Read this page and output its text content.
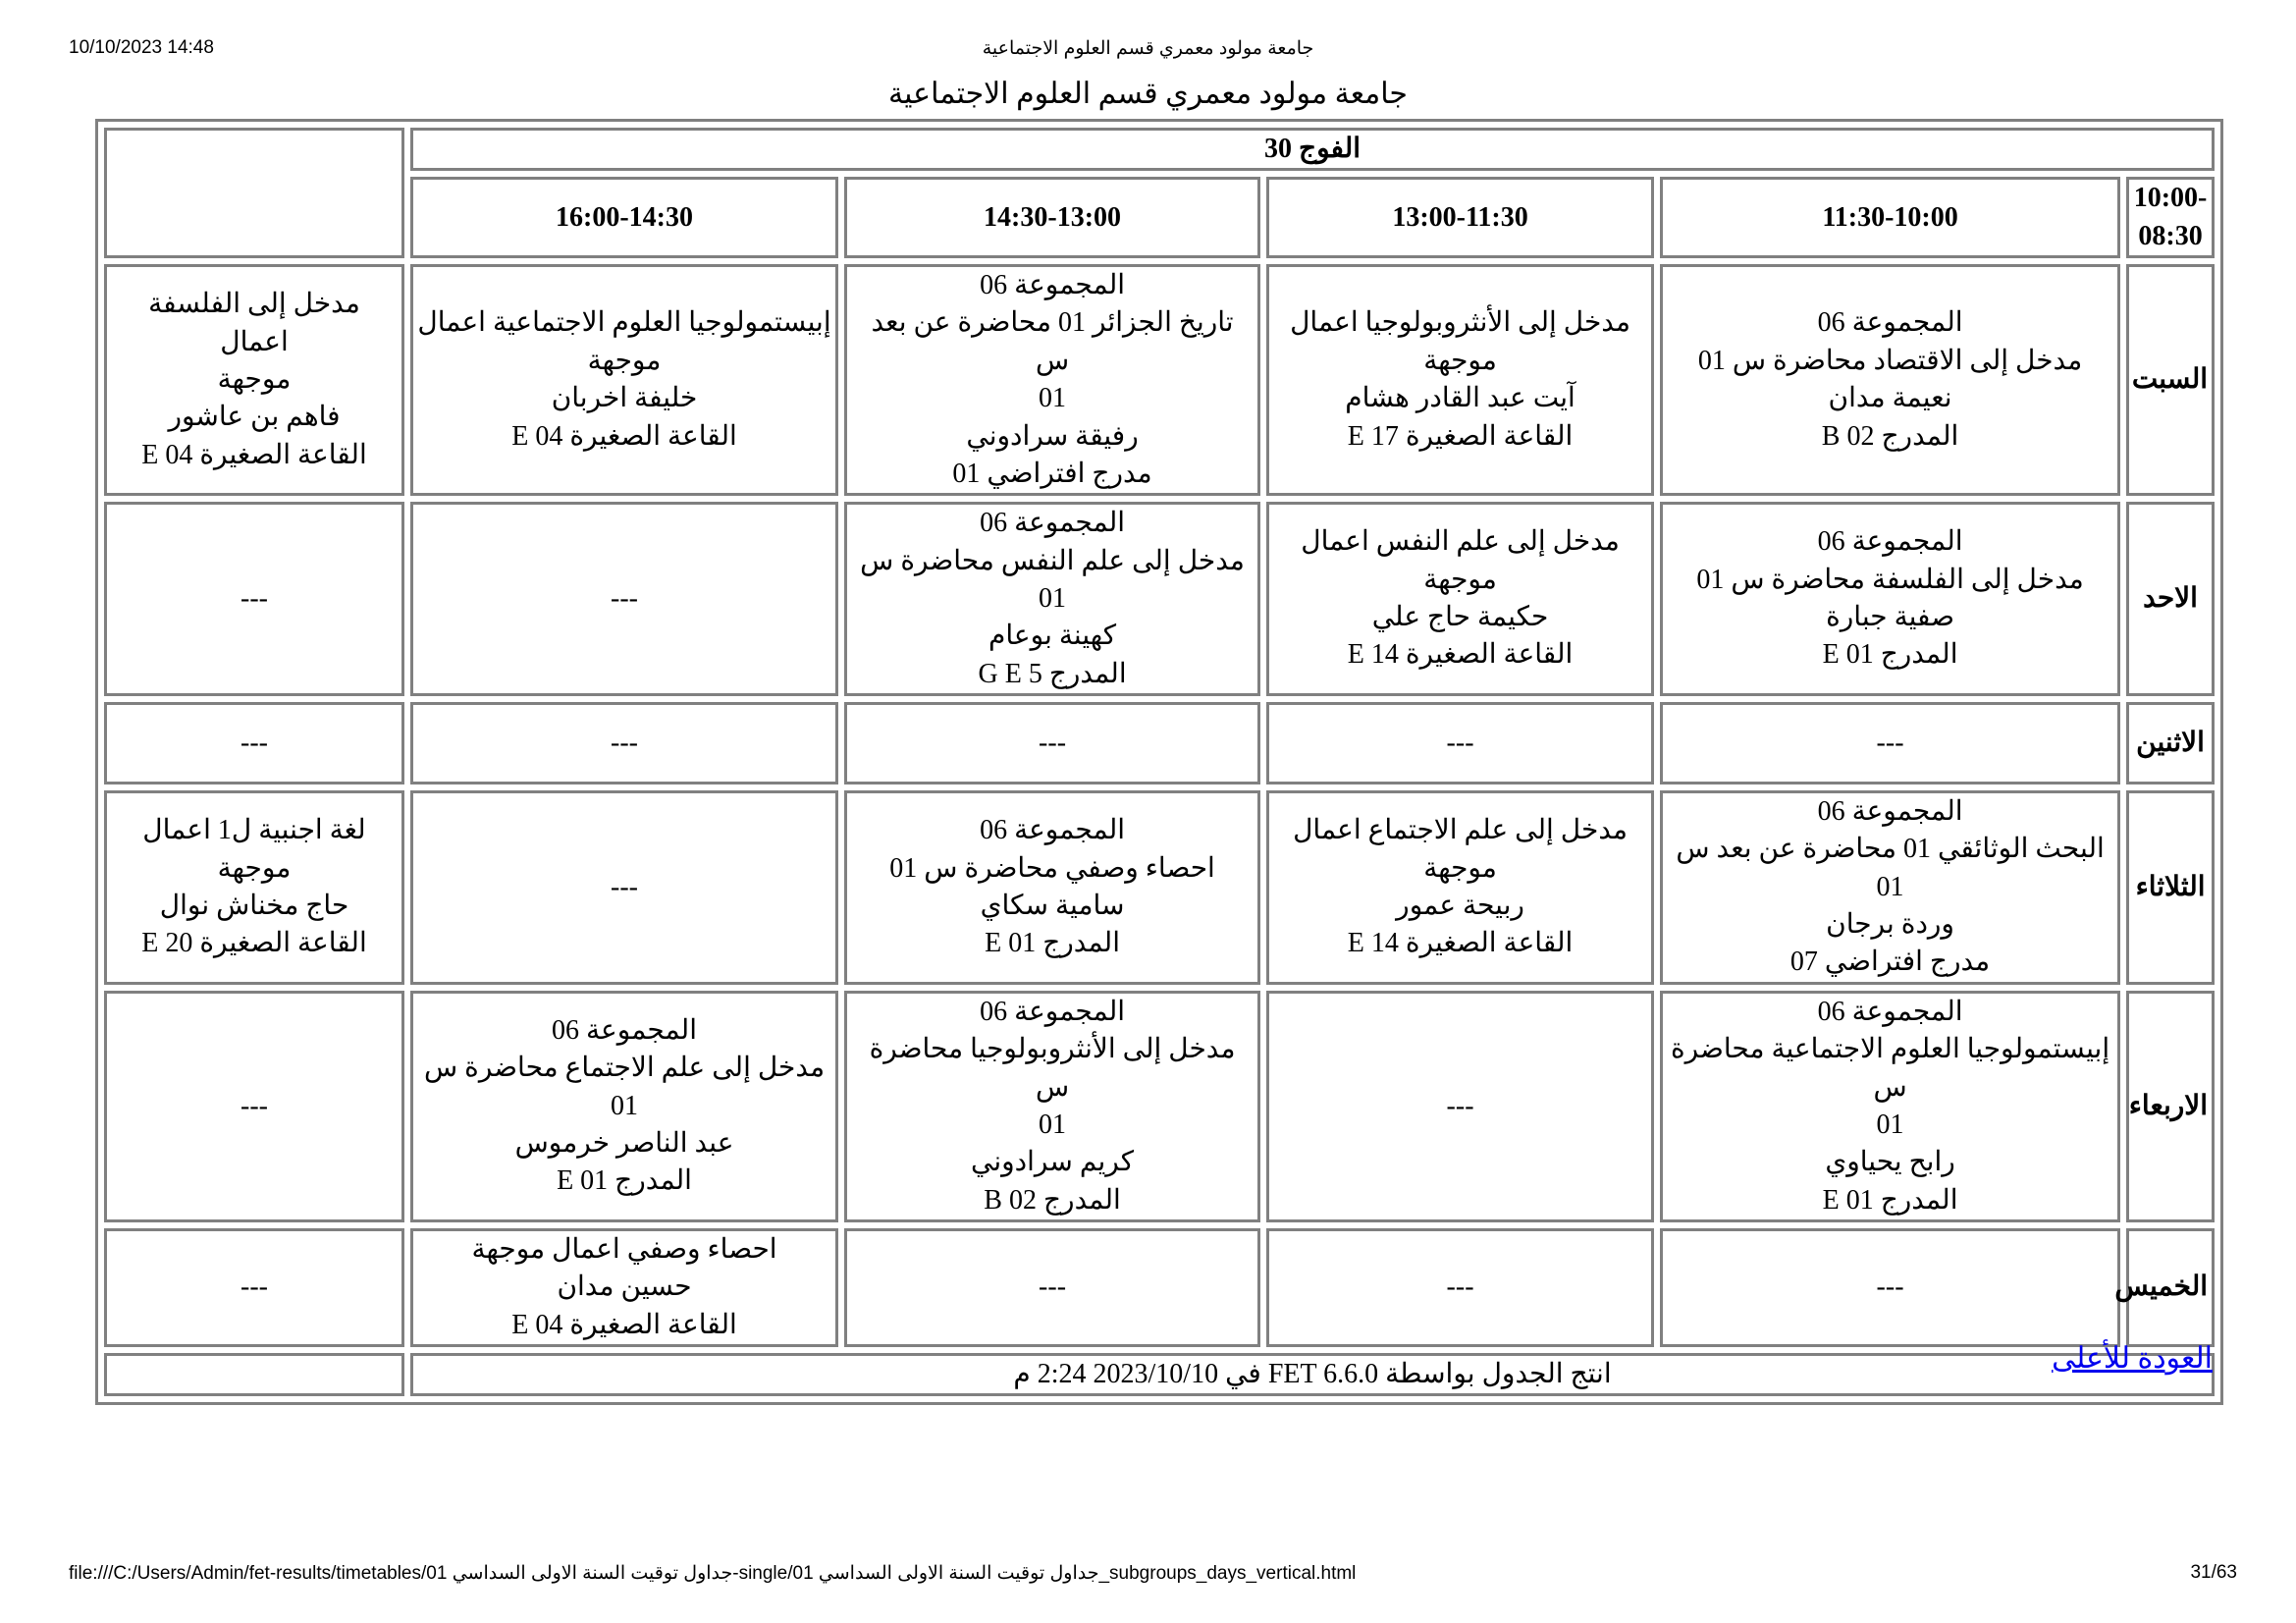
10/10/2023 14:48	جامعة مولود معمري قسم العلوم الاجتماعية
جامعة مولود معمري قسم العلوم الاجتماعية
الفوج 30					
10:00-08:30	11:30-10:00	13:00-11:30	14:30-13:00	16:00-14:30	
السبت	المجموعة 06
مدخل إلى الاقتصاد محاضرة س 01
نعيمة مدان
المدرج 02 B	مدخل إلى الأنثروبولوجيا اعمال
موجهة
آيت عبد القادر هشام
القاعة الصغيرة 17 E	المجموعة 06
تاريخ الجزائر 01 محاضرة عن بعد س
01
رفيقة سرادوني
مدرج افتراضي 01	إبيستمولوجيا العلوم الاجتماعية اعمال
موجهة
خليفة اخربان
القاعة الصغيرة 04 E	مدخل إلى الفلسفة اعمال
موجهة
فاهم بن عاشور
القاعة الصغيرة 04 E

الاحد	المجموعة 06
مدخل إلى الفلسفة محاضرة س 01
صفية جبارة
المدرج 01 E	مدخل إلى علم النفس اعمال موجهة
حكيمة حاج علي
القاعة الصغيرة 14 E	المجموعة 06
مدخل إلى علم النفس محاضرة س 01
كهينة بوعام
المدرج 5 G E	---	---

الاثنين	---	---	---	---	---

الثلاثاء	المجموعة 06
البحث الوثائقي 01 محاضرة عن بعد س
01
وردة برجان
مدرج افتراضي 07	مدخل إلى علم الاجتماع اعمال
موجهة
ربيحة عمور
القاعة الصغيرة 14 E	المجموعة 06
احصاء وصفي محاضرة س 01
سامية سكاي
المدرج 01 E	---	لغة اجنبية ل1 اعمال موجهة
حاج مخناش نوال
القاعة الصغيرة 20 E

الاربعاء	المجموعة 06
إبيستمولوجيا العلوم الاجتماعية محاضرة س
01
رابح يحياوي
المدرج 01 E	---	المجموعة 06
مدخل إلى الأنثروبولوجيا محاضرة س
01
كريم سرادوني
المدرج 02 B	المجموعة 06
مدخل إلى علم الاجتماع محاضرة س 01
عبد الناصر خرموس
المدرج 01 E	---

الخميس	---	---	---	احصاء وصفي اعمال موجهة
حسين مدان
القاعة الصغيرة 04 E	---

انتج الجدول بواسطة FET 6.6.0 في 2023/10/10 2:24 م						العودة للأعلى
file:///C:/Users/Admin/fet-results/timetables/01 جداول توقيت السنة الاولى السداسي-single/01 جداول توقيت السنة الاولى السداسي_subgroups_days_vertical.html	31/63
